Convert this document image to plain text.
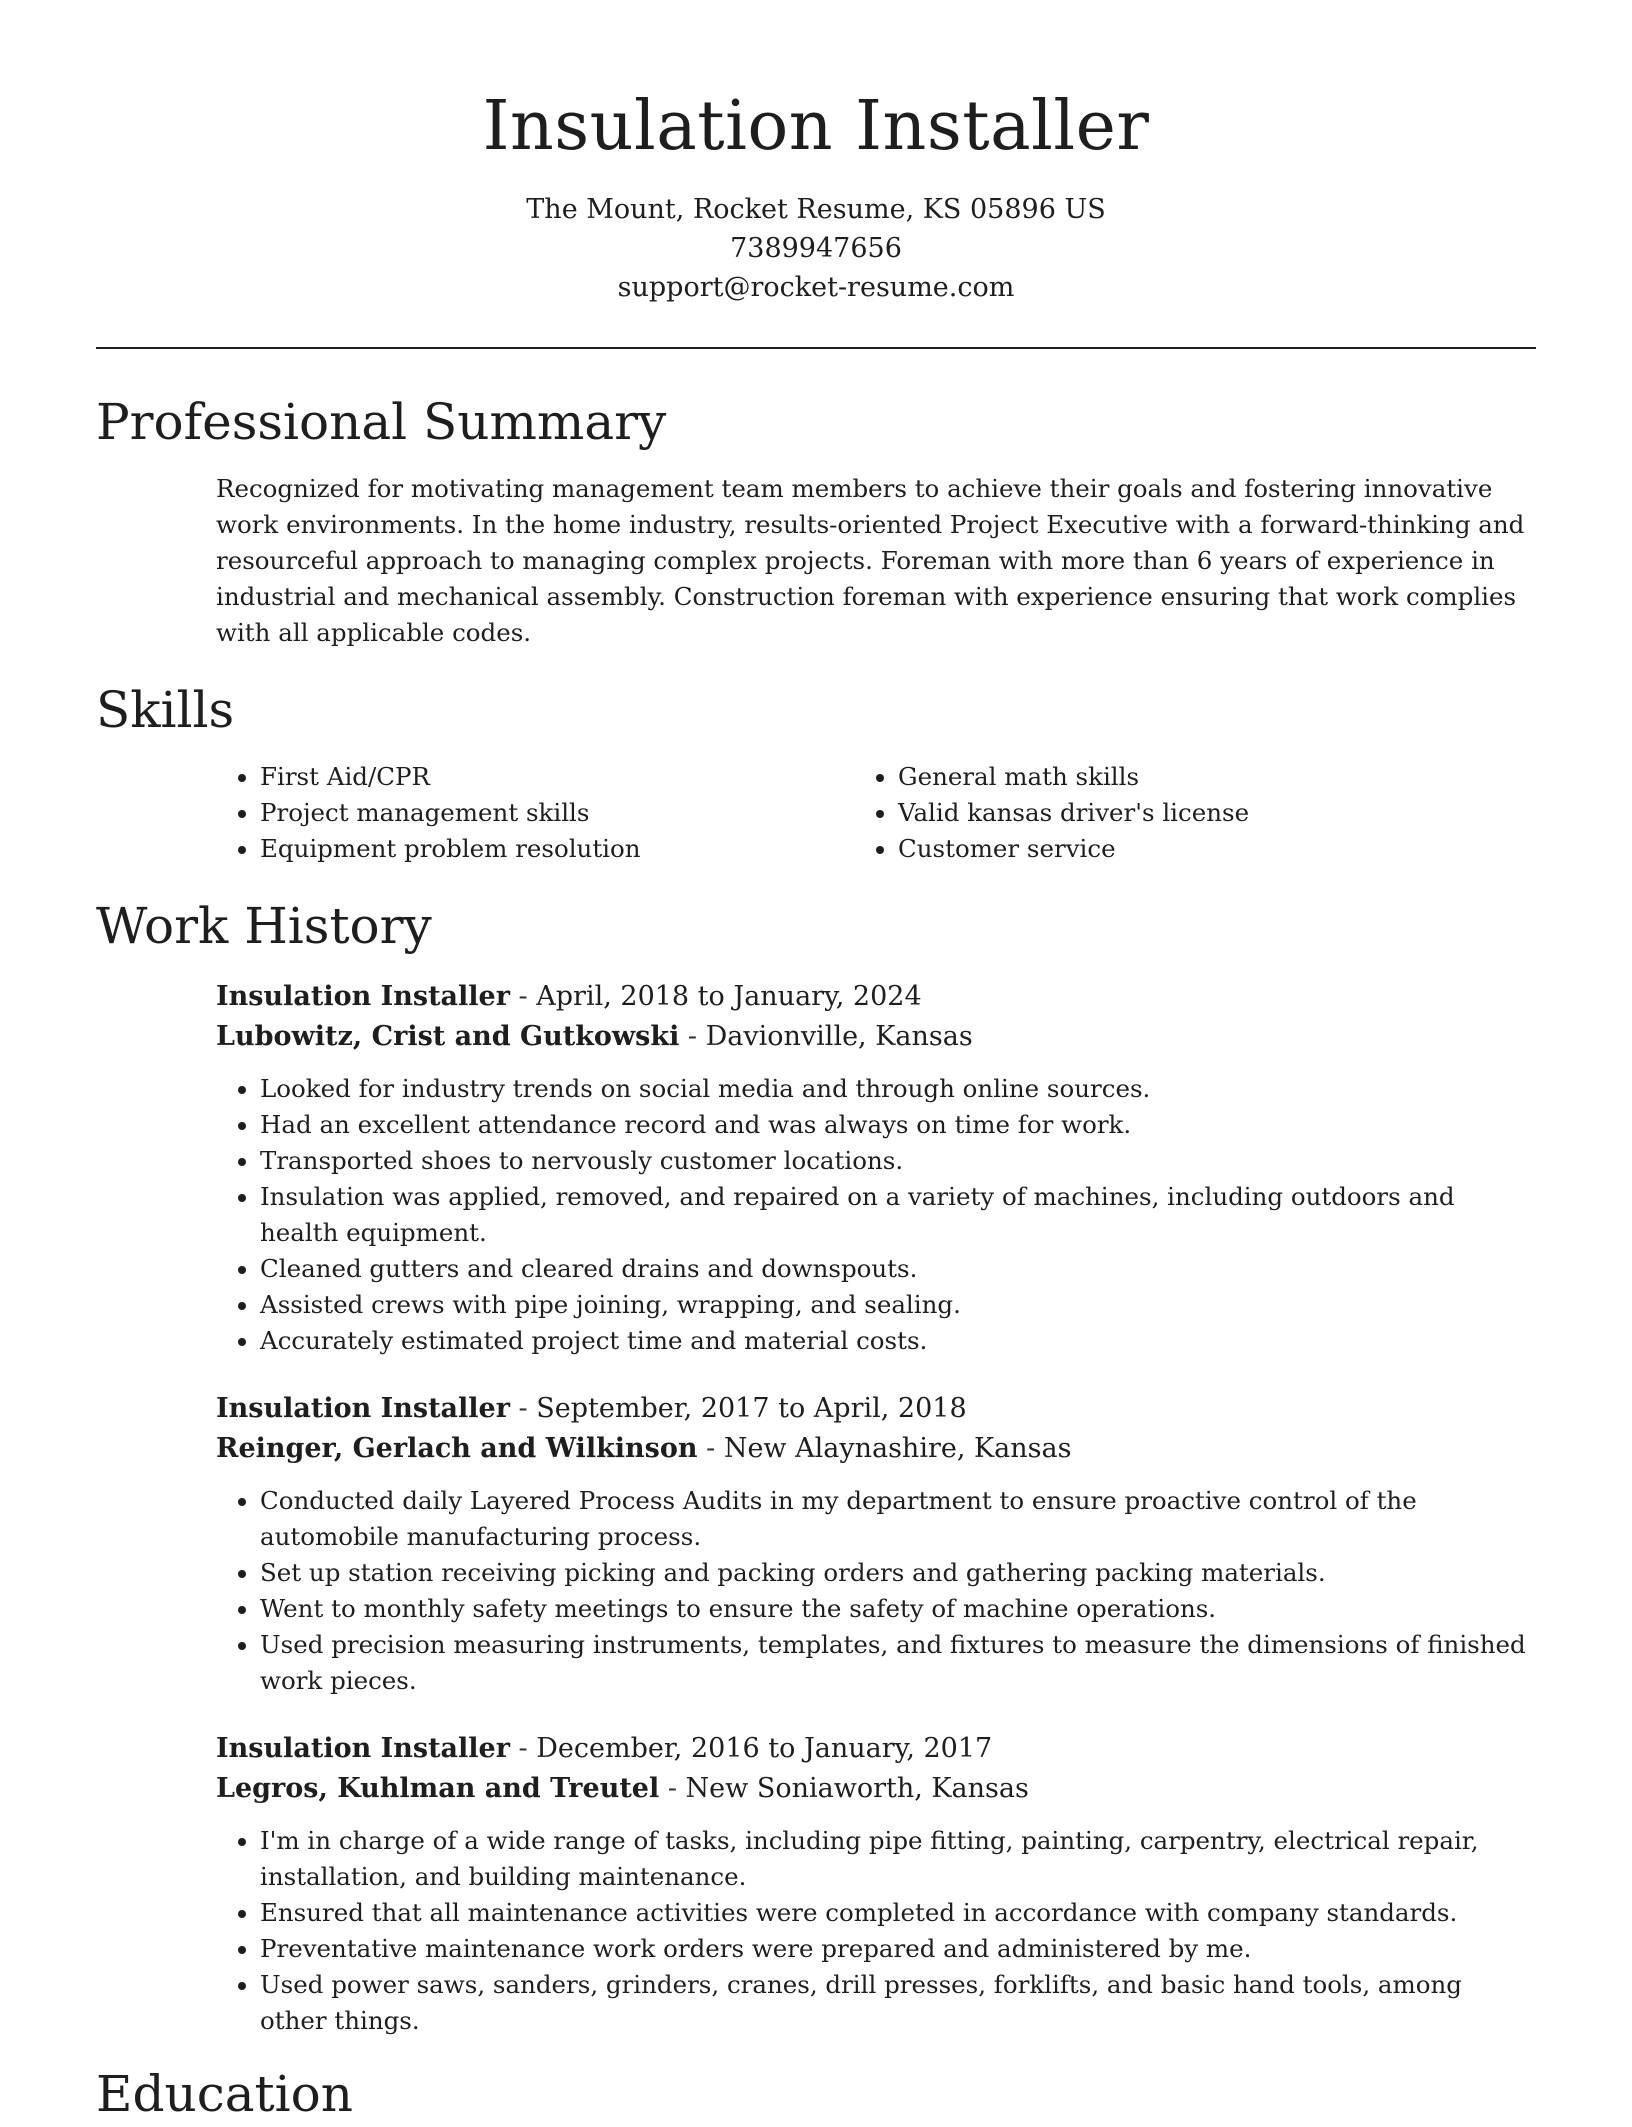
Insulation Installer
The Mount, Rocket Resume, KS 05896 US
7389947656
support@rocket-resume.com
Professional Summary

Recognized for motivating management team members to achieve their goals and fostering innovative work environments. In the home industry, results-oriented Project Executive with a forward-thinking and resourceful approach to managing complex projects. Foreman with more than 6 years of experience in industrial and mechanical assembly. Construction foreman with experience ensuring that work complies with all applicable codes.

Skills
• First Aid/CPR
• Project management skills
• Equipment problem resolution
• General math skills
• Valid kansas driver's license
• Customer service
Work History
Insulation Installer - April, 2018 to January, 2024
Lubowitz, Crist and Gutkowski - Davionville, Kansas
• Looked for industry trends on social media and through online sources.
• Had an excellent attendance record and was always on time for work.
• Transported shoes to nervously customer locations.
• Insulation was applied, removed, and repaired on a variety of machines, including outdoors and health equipment.
• Cleaned gutters and cleared drains and downspouts.
• Assisted crews with pipe joining, wrapping, and sealing.
• Accurately estimated project time and material costs.
Insulation Installer - September, 2017 to April, 2018
Reinger, Gerlach and Wilkinson - New Alaynashire, Kansas
• Conducted daily Layered Process Audits in my department to ensure proactive control of the automobile manufacturing process.
• Set up station receiving picking and packing orders and gathering packing materials.
• Went to monthly safety meetings to ensure the safety of machine operations.
• Used precision measuring instruments, templates, and fixtures to measure the dimensions of finished work pieces.
Insulation Installer - December, 2016 to January, 2017
Legros, Kuhlman and Treutel - New Soniaworth, Kansas
• I'm in charge of a wide range of tasks, including pipe fitting, painting, carpentry, electrical repair, installation, and building maintenance.
• Ensured that all maintenance activities were completed in accordance with company standards.
• Preventative maintenance work orders were prepared and administered by me.
• Used power saws, sanders, grinders, cranes, drill presses, forklifts, and basic hand tools, among other things.
Education
